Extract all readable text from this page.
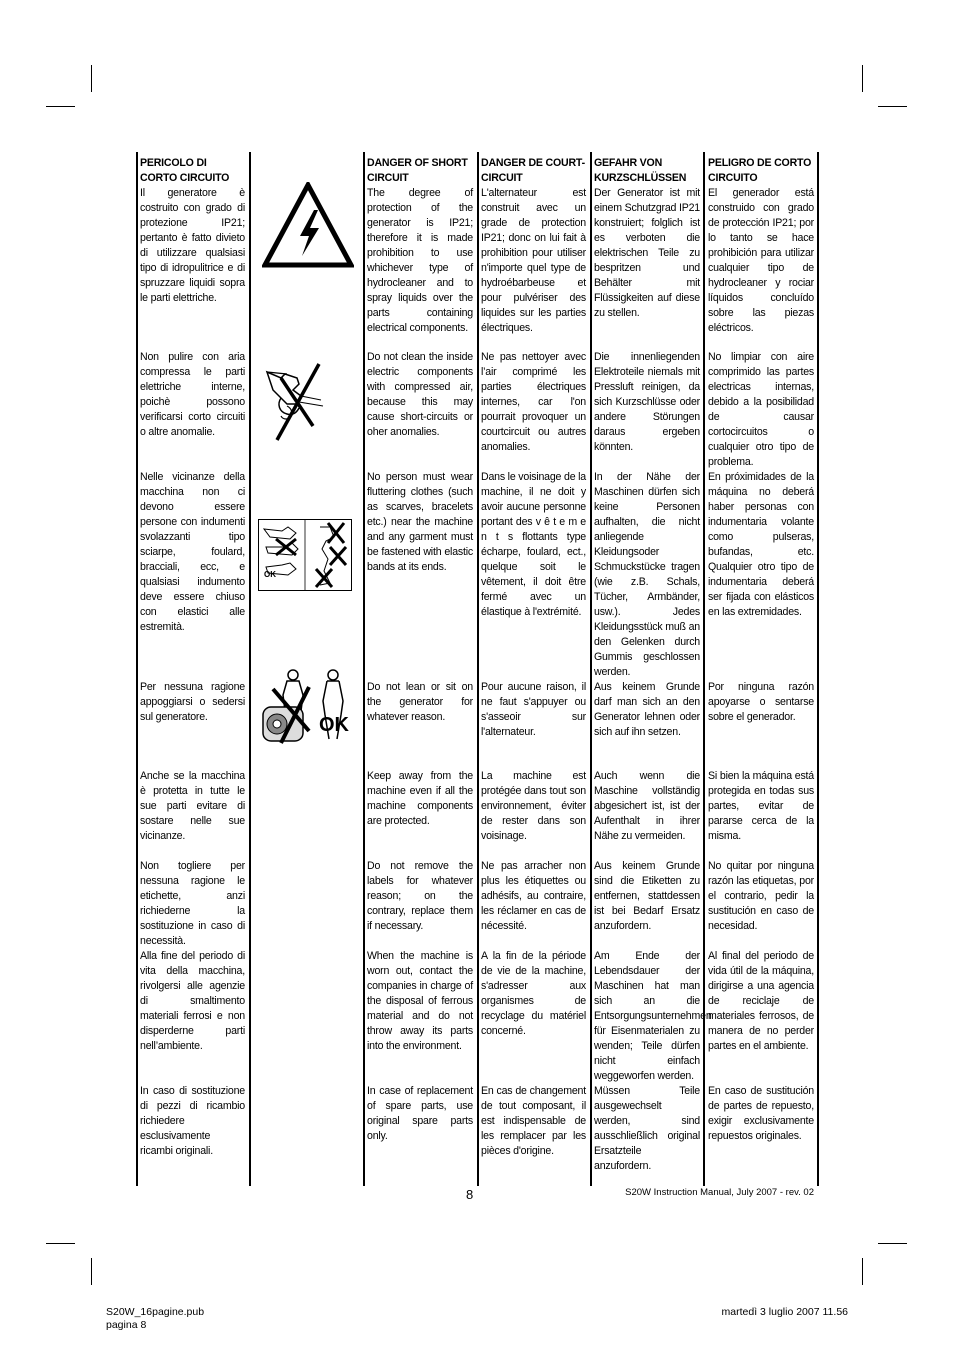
PERICOLO DI CORTO CIRCUITO
Il generatore è costruito con grado di protezione IP21; pertanto è fatto divieto di utilizzare qualsiasi tipo di idropulitrice e di spruzzare liquidi sopra le parti elettriche.
Non pulire con aria compressa le parti elettriche interne, poichè possono verificarsi corto circuiti o altre anomalie.
Nelle vicinanze della macchina non ci devono essere persone con indumenti svolazzanti tipo sciarpe, foulard, bracciali, ecc, e qualsiasi indumento deve essere chiuso con elastici alle estremità.
Per nessuna ragione appoggiarsi o sedersi sul generatore.
Anche se la macchina è protetta in tutte le sue parti evitare di sostare nelle sue vicinanze.
Non togliere per nessuna ragione le etichette, anzi richiederne la sostituzione in caso di necessità.
Alla fine del periodo di vita della macchina, rivolgersi alle agenzie di smaltimento materiali ferrosi e non disperderne parti nell’ambiente.
In caso di sostituzione di pezzi di ricambio richiedere esclusivamente ricambi originali.
DANGER OF SHORT CIRCUIT
The degree of protection of the generator is IP21; therefore it is made prohibition to use whichever type of hydrocleaner and to spray liquids over the parts containing electrical components.
Do not clean the inside electric components with compressed air, because this may cause short-circuits or oher anomalies.
No person must wear fluttering clothes (such as scarves, bracelets etc.) near the machine and any garment must be fastened with elastic bands at its ends.
Do not lean or sit on the generator for whatever reason.
Keep away from the machine even if all the machine components are protected.
Do not remove the labels for whatever reason; on the contrary, replace them if necessary.
When the machine is worn out, contact the companies in charge of the disposal of ferrous material and do not throw away its parts into the environment.
In case of replacement of spare parts, use original spare parts only.
DANGER DE COURT-CIRCUIT
L'alternateur est construit avec un grade de protection IP21; donc on lui fait à prohibition pour utiliser n'importe quel type de hydroébarbeuse et pour pulvériser des liquides sur les parties électriques.
Ne pas nettoyer avec l’air comprimé les parties électriques internes, car l'on pourrait provoquer un courtcircuit ou autres anomalies.
Dans le voisinage de la machine, il ne doit y avoir aucune personne portant des v ê t e m e n t s flottants type écharpe, foulard, ect., quelque soit le vêtement, il doit être fermé avec un élastique à l'extrémité.
Pour aucune raison, il ne faut s'appuyer ou s'asseoir sur l'alternateur.
La machine est protégée dans tout son environnement, éviter de rester dans son voisinage.
Ne pas arracher non plus les étiquettes ou adhésifs, au contraire, les réclamer en cas de nécessité.
A la fin de la période de vie de la machine, s'adresser aux organismes de recyclage du matériel concerné.
En cas de changement de tout composant, il est indispensable de les remplacer par les pièces d'origine.
GEFAHR VON KURZSCHLÜSSEN
Der Generator ist mit einem Schutzgrad IP21 konstruiert; folglich ist es verboten die elektrischen Teile zu bespritzen und Behälter mit Flüssigkeiten auf diese zu stellen.
Die innenliegenden Elektroteile niemals mit Pressluft reinigen, da sich Kurzschlüsse oder andere Störungen daraus ergeben könnten.
In der Nähe der Maschinen dürfen sich keine Personen aufhalten, die nicht anliegende Kleidungsoder Schmuckstücke tragen (wie z.B. Schals, Tücher, Armbänder, usw.). Jedes Kleidungsstück muß an den Gelenken durch Gummis geschlossen werden.
Aus keinem Grunde darf man sich an den Generator lehnen oder sich auf ihn setzen.
Auch wenn die Maschine vollständig abgesichert ist, ist der Aufenthalt in ihrer Nähe zu vermeiden.
Aus keinem Grunde sind die Etiketten zu entfernen, stattdessen ist bei Bedarf Ersatz anzufordern.
Am Ende der Lebendsdauer der Maschinen hat man sich an die Entsorgungsunternehmen für Eisenmaterialen zu wenden; Teile dürfen nicht einfach weggeworfen werden.
Müssen Teile ausgewechselt werden, sind ausschließlich original Ersatzteile anzufordern.
PELIGRO DE CORTO CIRCUITO
El generador está construido con grado de protección IP21; por lo tanto se hace prohibición para utilizar cualquier tipo de hydrocleaner y rociar líquidos concluído sobre las piezas eléctricos.
No limpiar con aire comprimido las partes electricas internas, debido a la posibilidad de causar cortocircuitos o cualquier otro tipo de problema.
En próximidades de la máquina no deberá haber personas con indumentaria volante como pulseras, bufandas, etc. Qualquier otro tipo de indumentaria deberá ser fijada con elásticos en las extremidades.
Por ninguna razón apoyarse o sentarse sobre el generador.
Si bien la máquina está protegida en todas sus partes, evitar de pararse cerca de la misma.
No quitar por ninguna razón las etiquetas, por el contrario, pedir la sustitución en caso de necesidad.
Al final del periodo de vida útil de la máquina, dirigirse a una agencia de reciclaje de materiales ferrosos, de manera de no perder partes en el ambiente.
En caso de sustitución de partes de repuesto, exigir exclusivamente repuestos originales.
OK
OK
8	S20W Instruction Manual, July 2007 - rev. 02
S20W_16pagine.pub
pagina 8
martedì 3 luglio 2007 11.56
